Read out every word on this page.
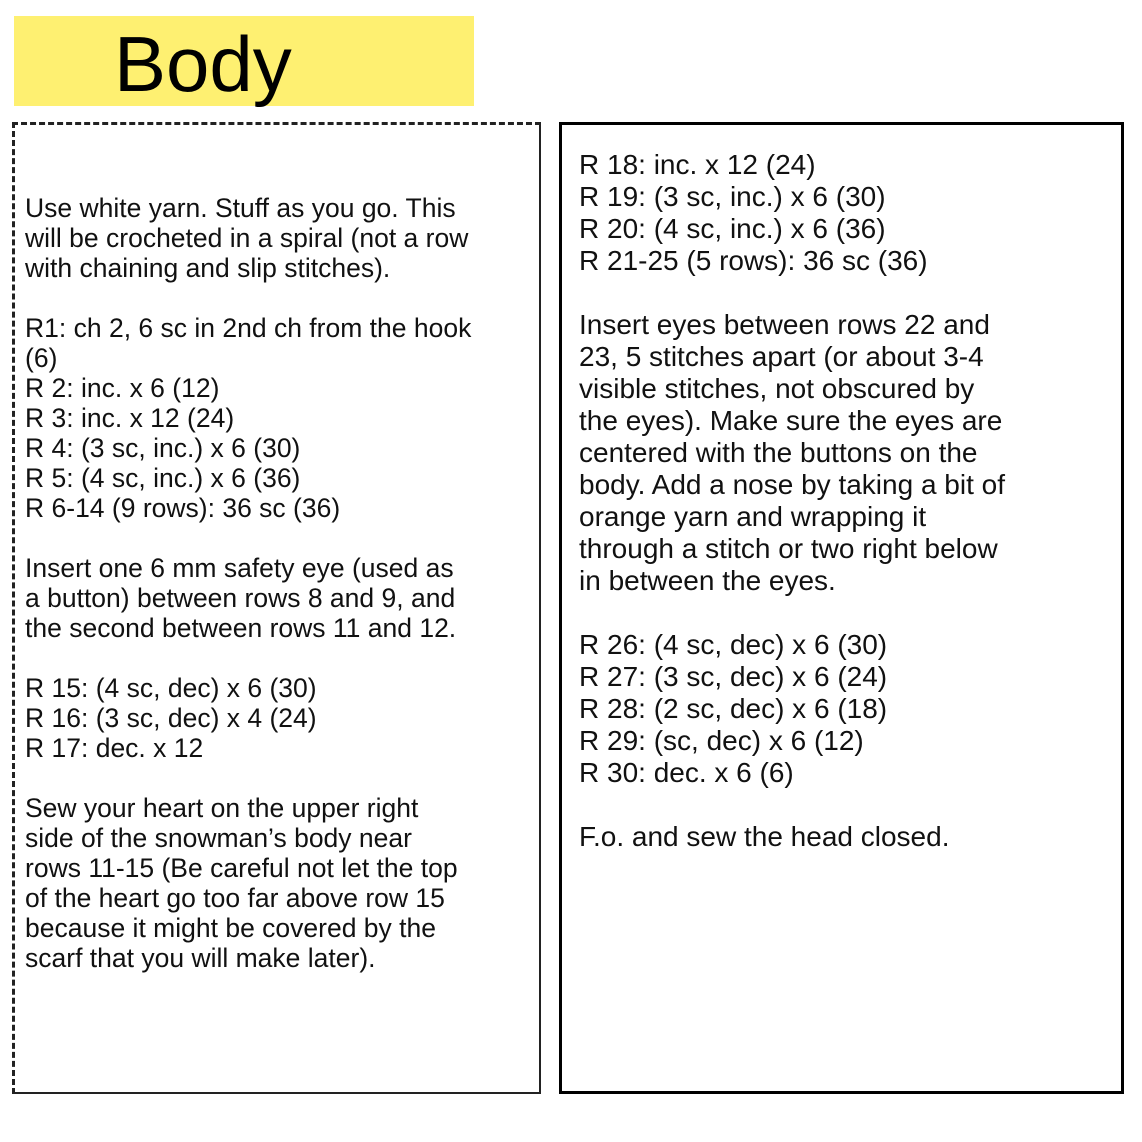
Body

Use white yarn. Stuff as you go. This
will be crocheted in a spiral (not a row
with chaining and slip stitches).

R1: ch 2, 6 sc in 2nd ch from the hook
(6)
R 2: inc. x 6 (12)
R 3: inc. x 12 (24)
R 4: (3 sc, inc.) x 6 (30)
R 5: (4 sc, inc.) x 6 (36)
R 6-14 (9 rows): 36 sc (36)

Insert one 6 mm safety eye (used as
a button) between rows 8 and 9, and
the second between rows 11 and 12.

R 15: (4 sc, dec) x 6 (30)
R 16: (3 sc, dec) x 4 (24)
R 17: dec. x 12

Sew your heart on the upper right
side of the snowman’s body near
rows 11-15 (Be careful not let the top
of the heart go too far above row 15
because it might be covered by the
scarf that you will make later).

R 18: inc. x 12 (24)
R 19: (3 sc, inc.) x 6 (30)
R 20: (4 sc, inc.) x 6 (36)
R 21-25 (5 rows): 36 sc (36)

Insert eyes between rows 22 and
23, 5 stitches apart (or about 3-4
visible stitches, not obscured by
the eyes). Make sure the eyes are
centered with the buttons on the
body. Add a nose by taking a bit of
orange yarn and wrapping it
through a stitch or two right below
in between the eyes.

R 26: (4 sc, dec) x 6 (30)
R 27: (3 sc, dec) x 6 (24)
R 28: (2 sc, dec) x 6 (18)
R 29: (sc, dec) x 6 (12)
R 30: dec. x 6 (6)

F.o. and sew the head closed.
